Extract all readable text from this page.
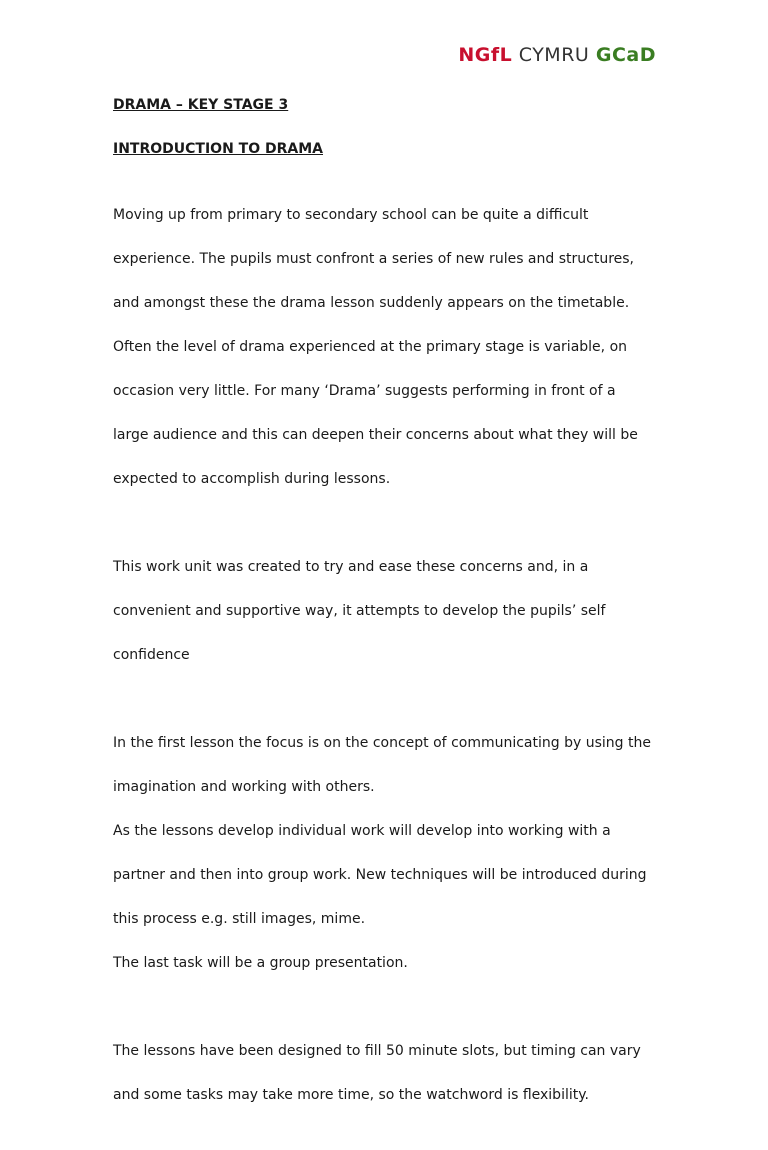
NGfL CYMRU GCaD

DRAMA – KEY STAGE 3

INTRODUCTION TO DRAMA

Moving up from primary to secondary school can be quite a difficult

experience. The pupils must confront a series of new rules and structures,

and amongst these the drama lesson suddenly appears on the timetable.

Often the level of drama experienced at the primary stage is variable, on

occasion very little. For many ‘Drama’ suggests performing in front of a

large audience and this can deepen their concerns about what they will be

expected to accomplish during lessons.

This work unit was created to try and ease these concerns and, in a

convenient and supportive way, it attempts to develop the pupils’ self

confidence

In the first lesson the focus is on the concept of communicating by using the

imagination and working with others.

As the lessons develop individual work will develop into working with a

partner and then into group work. New techniques will be introduced during

this process e.g. still images, mime.

The last task will be a group presentation.

The lessons have been designed to fill 50 minute slots, but timing can vary

and some tasks may take more time, so the watchword is flexibility.
